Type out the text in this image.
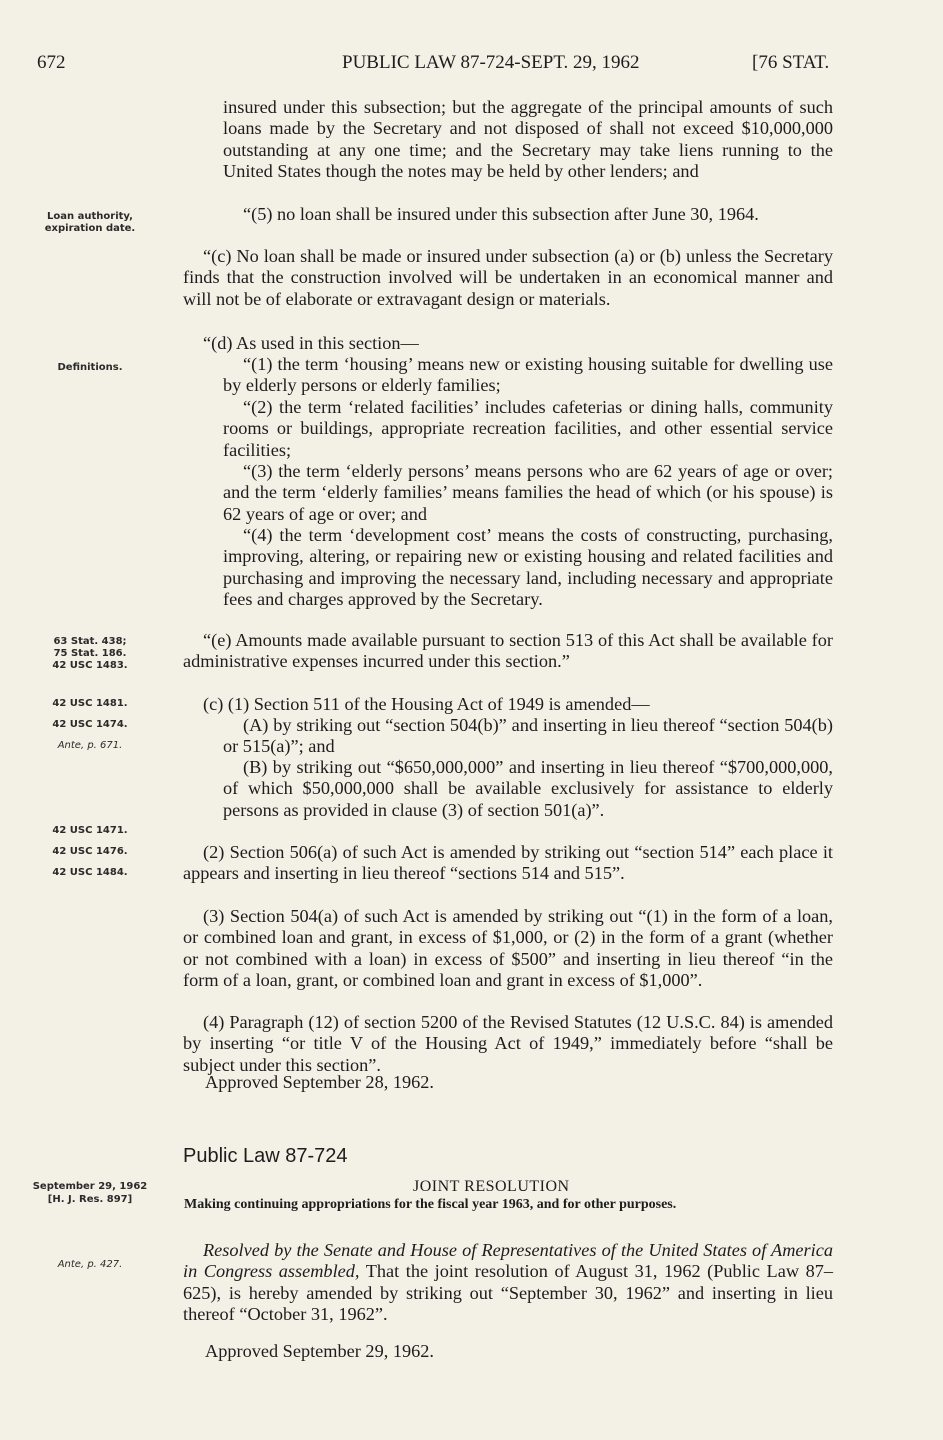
672	PUBLIC LAW 87-724-SEPT. 29, 1962	[76 STAT.
Loan authority, expiration date.
Definitions.
63 Stat. 438;
75 Stat. 186.
42 USC 1483.
42 USC 1481.
42 USC 1474.
Ante, p. 671.
42 USC 1471.
42 USC 1476.
42 USC 1484.
September 29, 1962
[H. J. Res. 897]
Ante, p. 427.

insured under this subsection; but the aggregate of the principal amounts of such loans made by the Secretary and not disposed of shall not exceed $10,000,000 outstanding at any one time; and the Secretary may take liens running to the United States though the notes may be held by other lenders; and

“(5) no loan shall be insured under this subsection after June 30, 1964.

“(c) No loan shall be made or insured under subsection (a) or (b) unless the Secretary finds that the construction involved will be undertaken in an economical manner and will not be of elaborate or extravagant design or materials.

“(d) As used in this section—

“(1) the term ‘housing’ means new or existing housing suitable for dwelling use by elderly persons or elderly families;

“(2) the term ‘related facilities’ includes cafeterias or dining halls, community rooms or buildings, appropriate recreation facilities, and other essential service facilities;

“(3) the term ‘elderly persons’ means persons who are 62 years of age or over; and the term ‘elderly families’ means families the head of which (or his spouse) is 62 years of age or over; and

“(4) the term ‘development cost’ means the costs of constructing, purchasing, improving, altering, or repairing new or existing housing and related facilities and purchasing and improving the necessary land, including necessary and appropriate fees and charges approved by the Secretary.

“(e) Amounts made available pursuant to section 513 of this Act shall be available for administrative expenses incurred under this section.”

(c) (1) Section 511 of the Housing Act of 1949 is amended—

(A) by striking out “section 504(b)” and inserting in lieu thereof “section 504(b) or 515(a)”; and

(B) by striking out “$650,000,000” and inserting in lieu thereof “$700,000,000, of which $50,000,000 shall be available exclusively for assistance to elderly persons as provided in clause (3) of section 501(a)”.

(2) Section 506(a) of such Act is amended by striking out “section 514” each place it appears and inserting in lieu thereof “sections 514 and 515”.

(3) Section 504(a) of such Act is amended by striking out “(1) in the form of a loan, or combined loan and grant, in excess of $1,000, or (2) in the form of a grant (whether or not combined with a loan) in excess of $500” and inserting in lieu thereof “in the form of a loan, grant, or combined loan and grant in excess of $1,000”.

(4) Paragraph (12) of section 5200 of the Revised Statutes (12 U.S.C. 84) is amended by inserting “or title V of the Housing Act of 1949,” immediately before “shall be subject under this section”.

Approved September 28, 1962.
Public Law 87-724
JOINT RESOLUTION
Making continuing appropriations for the fiscal year 1963, and for other purposes.

Resolved by the Senate and House of Representatives of the United States of America in Congress assembled, That the joint resolution of August 31, 1962 (Public Law 87–625), is hereby amended by striking out “September 30, 1962” and inserting in lieu thereof “October 31, 1962”.

Approved September 29, 1962.
